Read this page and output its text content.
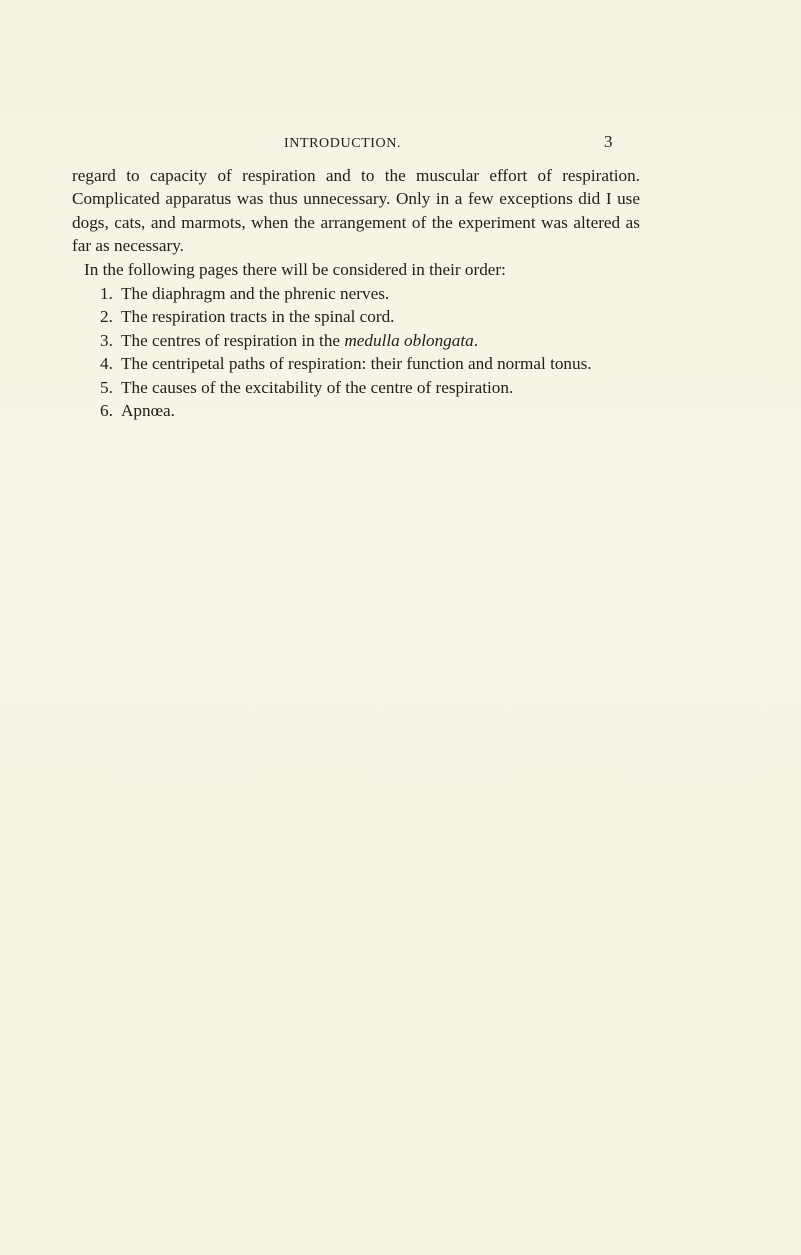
INTRODUCTION.	3

regard to capacity of respiration and to the muscular effort of respiration. Complicated apparatus was thus unnecessary. Only in a few exceptions did I use dogs, cats, and marmots, when the arrangement of the experiment was altered as far as necessary.

In the following pages there will be considered in their order:

1. The diaphragm and the phrenic nerves.
2. The respiration tracts in the spinal cord.
3. The centres of respiration in the medulla oblongata.
4. The centripetal paths of respiration: their function and normal tonus.
5. The causes of the excitability of the centre of respiration.
6. Apnœa.
